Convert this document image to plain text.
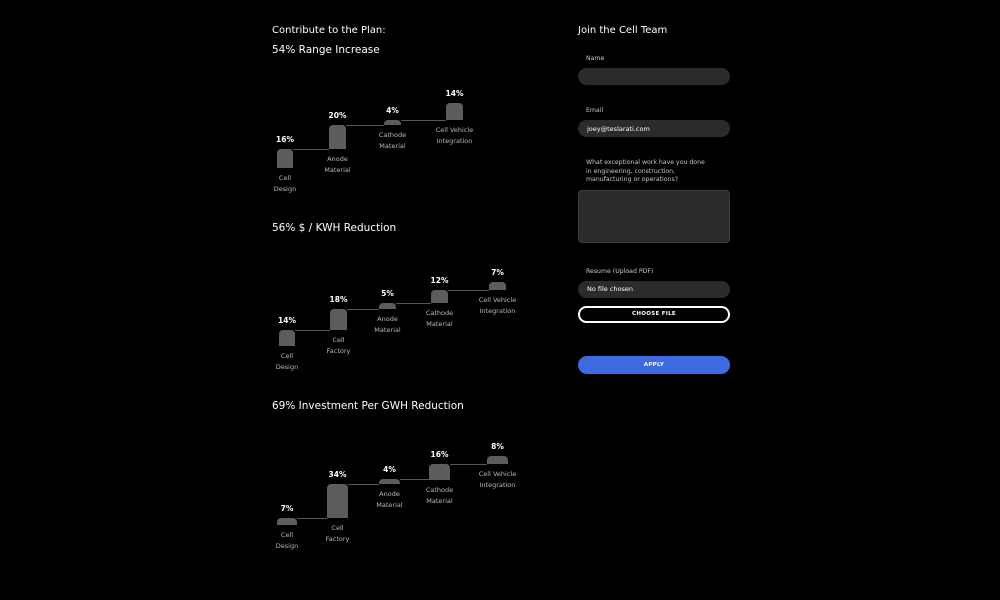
Contribute to the Plan:
54% Range Increase
16%
Cell
Design
20%
Anode
Material
4%
Cathode
Material
14%
Cell Vehicle
Integration
56% $ / KWH Reduction
14%
Cell
Design
18%
Cell
Factory
5%
Anode
Material
12%
Cathode
Material
7%
Cell Vehicle
Integration
69% Investment Per GWH Reduction
7%
Cell
Design
34%
Cell
Factory
4%
Anode
Material
16%
Cathode
Material
8%
Cell Vehicle
Integration
Join the Cell Team
Name
Email
joey@teslarati.com
What exceptional work have you done
in engineering, construction,
manufacturing or operations?
Resume (Upload PDF)
No file chosen
CHOOSE FILE
APPLY
